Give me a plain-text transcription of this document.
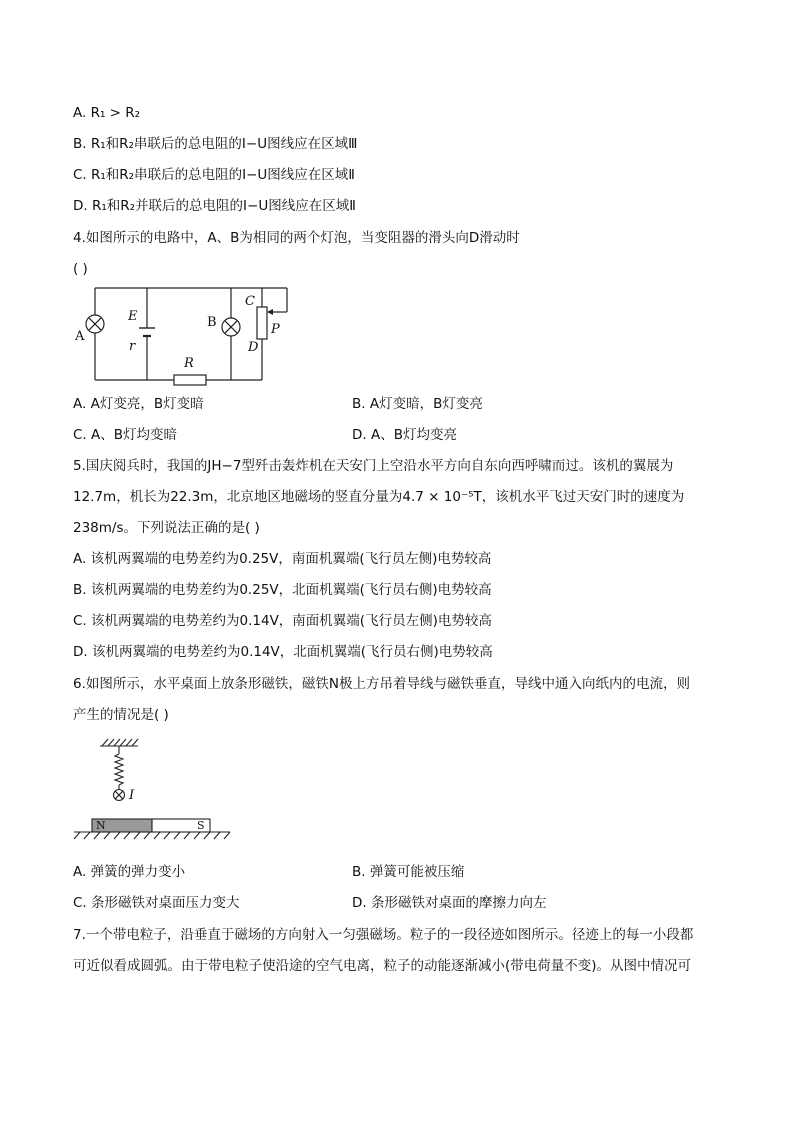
A. R₁ > R₂
B. R₁和R₂串联后的总电阻的I−U图线应在区域Ⅲ
C. R₁和R₂串联后的总电阻的I−U图线应在区域Ⅱ
D. R₁和R₂并联后的总电阻的I−U图线应在区域Ⅱ
4.如图所示的电路中，A、B为相同的两个灯泡，当变阻器的滑头向D滑动时
( )
A
E
r
B
C
P
D
R
A. A灯变亮，B灯变暗	B. A灯变暗，B灯变亮
C. A、B灯均变暗	D. A、B灯均变亮
5.国庆阅兵时，我国的JH−7型歼击轰炸机在天安门上空沿水平方向自东向西呼啸而过。该机的翼展为
12.7m，机长为22.3m，北京地区地磁场的竖直分量为4.7 × 10⁻⁵T，该机水平飞过天安门时的速度为
238m/s。下列说法正确的是( )
A. 该机两翼端的电势差约为0.25V，南面机翼端(飞行员左侧)电势较高
B. 该机两翼端的电势差约为0.25V，北面机翼端(飞行员右侧)电势较高
C. 该机两翼端的电势差约为0.14V，南面机翼端(飞行员左侧)电势较高
D. 该机两翼端的电势差约为0.14V，北面机翼端(飞行员右侧)电势较高
6.如图所示，水平桌面上放条形磁铁，磁铁N极上方吊着导线与磁铁垂直，导线中通入向纸内的电流，则
产生的情况是( )
I
N	S
A. 弹簧的弹力变小	B. 弹簧可能被压缩
C. 条形磁铁对桌面压力变大	D. 条形磁铁对桌面的摩擦力向左
7.一个带电粒子，沿垂直于磁场的方向射入一匀强磁场。粒子的一段径迹如图所示。径迹上的每一小段都
可近似看成圆弧。由于带电粒子使沿途的空气电离，粒子的动能逐渐减小(带电荷量不变)。从图中情况可
